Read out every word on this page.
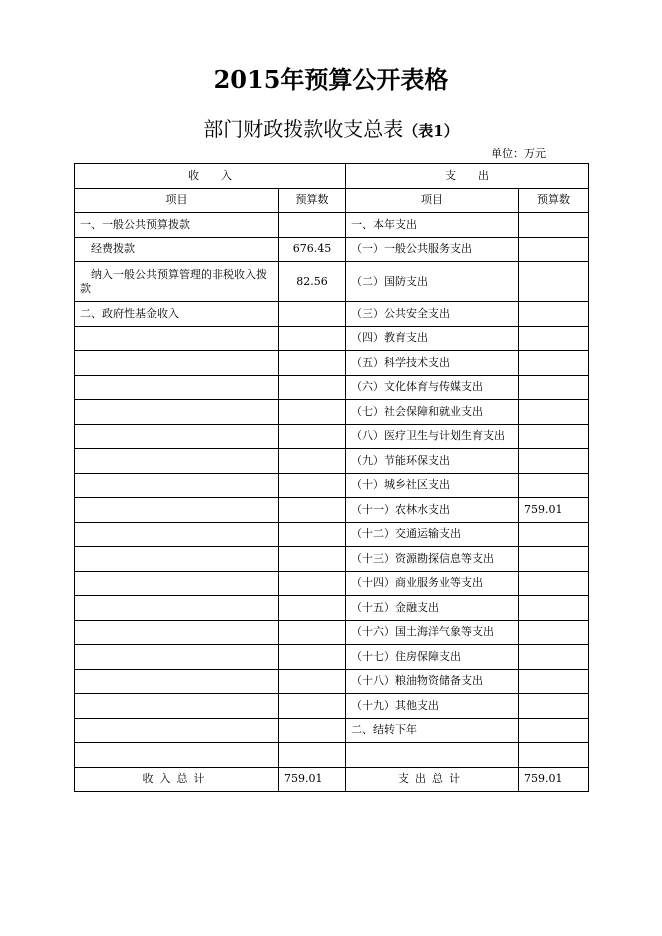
2015年预算公开表格
部门财政拨款收支总表（表1）
单位：万元
收　　入		支　　出	
项目	预算数	项目	预算数
一、一般公共预算拨款		一、本年支出	
　经费拨款	676.45	（一）一般公共服务支出	
　纳入一般公共预算管理的非税收入拨款	82.56	（二）国防支出	
二、政府性基金收入		（三）公共安全支出	
		（四）教育支出	
		（五）科学技术支出	
		（六）文化体育与传媒支出	
		（七）社会保障和就业支出	
		（八）医疗卫生与计划生育支出	
		（九）节能环保支出	
		（十）城乡社区支出	
		（十一）农林水支出	759.01
		（十二）交通运输支出	
		（十三）资源勘探信息等支出	
		（十四）商业服务业等支出	
		（十五）金融支出	
		（十六）国土海洋气象等支出	
		（十七）住房保障支出	
		（十八）粮油物资储备支出	
		（十九）其他支出	
		二、结转下年	

收入总计	759.01	支出总计	759.01
